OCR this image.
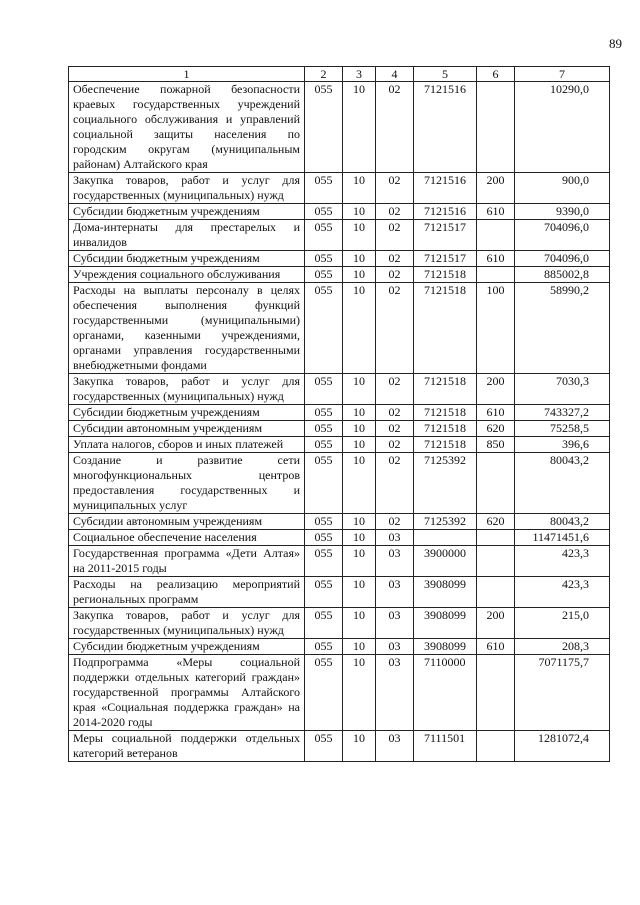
89
1	2	3	4	5	6	7
Обеспечение пожарной безопасности краевых государственных учреждений социального обслуживания и управлений социальной защиты населения по городским округам (муниципальным районам) Алтайского края	055	10	02	7121516		10290,0
Закупка товаров, работ и услуг для государственных (муниципальных) нужд	055	10	02	7121516	200	900,0
Субсидии бюджетным учреждениям	055	10	02	7121516	610	9390,0
Дома-интернаты для престарелых и инвалидов	055	10	02	7121517		704096,0
Субсидии бюджетным учреждениям	055	10	02	7121517	610	704096,0
Учреждения социального обслуживания	055	10	02	7121518		885002,8
Расходы на выплаты персоналу в целях обеспечения выполнения функций государственными (муниципальными) органами, казенными учреждениями, органами управления государственными внебюджетными фондами	055	10	02	7121518	100	58990,2
Закупка товаров, работ и услуг для государственных (муниципальных) нужд	055	10	02	7121518	200	7030,3
Субсидии бюджетным учреждениям	055	10	02	7121518	610	743327,2
Субсидии автономным учреждениям	055	10	02	7121518	620	75258,5
Уплата налогов, сборов и иных платежей	055	10	02	7121518	850	396,6
Создание и развитие сети многофункциональных центров предоставления государственных и муниципальных услуг	055	10	02	7125392		80043,2
Субсидии автономным учреждениям	055	10	02	7125392	620	80043,2
Социальное обеспечение населения	055	10	03			11471451,6
Государственная программа «Дети Алтая» на 2011-2015 годы	055	10	03	3900000		423,3
Расходы на реализацию мероприятий региональных программ	055	10	03	3908099		423,3
Закупка товаров, работ и услуг для государственных (муниципальных) нужд	055	10	03	3908099	200	215,0
Субсидии бюджетным учреждениям	055	10	03	3908099	610	208,3
Подпрограмма «Меры социальной поддержки отдельных категорий граждан» государственной программы Алтайского края «Социальная поддержка граждан» на 2014-2020 годы	055	10	03	7110000		7071175,7
Меры социальной поддержки отдельных категорий ветеранов	055	10	03	7111501		1281072,4
